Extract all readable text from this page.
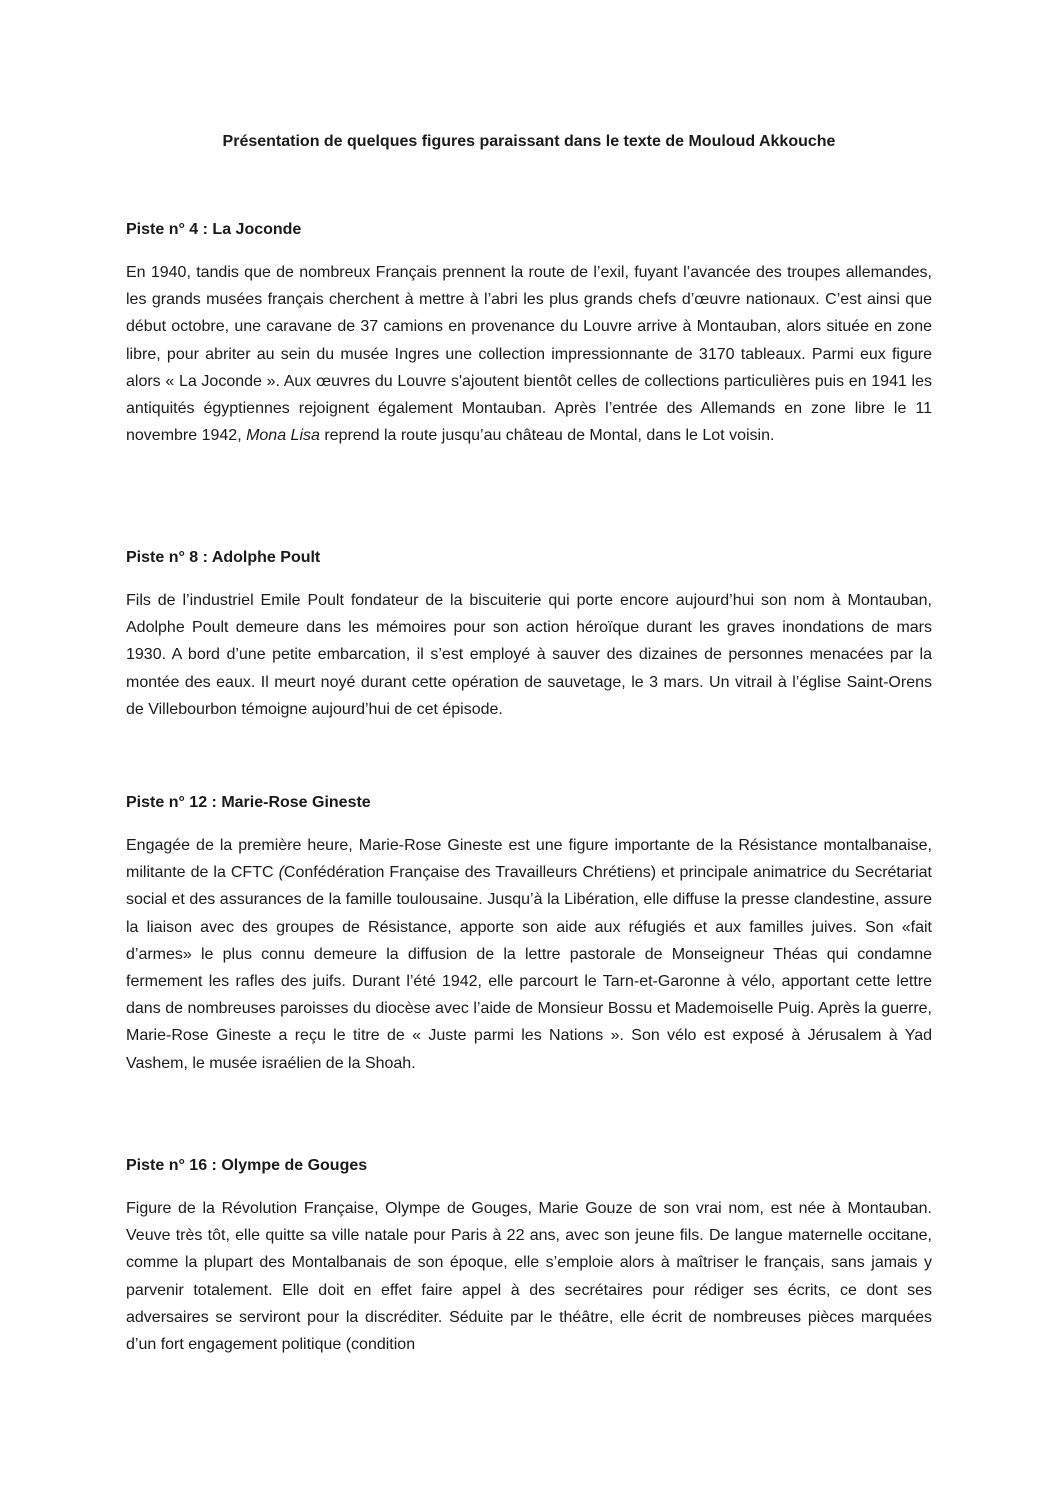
Présentation de quelques figures paraissant dans le texte de Mouloud Akkouche
Piste n° 4 : La Joconde

En 1940, tandis que de nombreux Français prennent la route de l’exil, fuyant l’avancée des troupes allemandes, les grands musées français cherchent à mettre à l’abri les plus grands chefs d’œuvre nationaux. C’est ainsi que début octobre, une caravane de 37 camions en provenance du Louvre arrive à Montauban, alors située en zone libre, pour abriter au sein du musée Ingres une collection impressionnante de 3170 tableaux. Parmi eux figure alors « La Joconde ». Aux œuvres du Louvre s'ajoutent bientôt celles de collections particulières puis en 1941 les antiquités égyptiennes rejoignent également Montauban. Après l’entrée des Allemands en zone libre le 11 novembre 1942, Mona Lisa reprend la route jusqu’au château de Montal, dans le Lot voisin.

Piste n° 8 : Adolphe Poult

Fils de l’industriel Emile Poult fondateur de la biscuiterie qui porte encore aujourd’hui son nom à Montauban, Adolphe Poult demeure dans les mémoires pour son action héroïque durant les graves inondations de mars 1930. A bord d’une petite embarcation, il s’est employé à sauver des dizaines de personnes menacées par la montée des eaux. Il meurt noyé durant cette opération de sauvetage, le 3 mars. Un vitrail à l’église Saint-Orens de Villebourbon témoigne aujourd’hui de cet épisode.

Piste n° 12 : Marie-Rose Gineste

Engagée de la première heure, Marie-Rose Gineste est une figure importante de la Résistance montalbanaise, militante de la CFTC (Confédération Française des Travailleurs Chrétiens) et principale animatrice du Secrétariat social et des assurances de la famille toulousaine. Jusqu’à la Libération, elle diffuse la presse clandestine, assure la liaison avec des groupes de Résistance, apporte son aide aux réfugiés et aux familles juives. Son «fait d’armes» le plus connu demeure la diffusion de la lettre pastorale de Monseigneur Théas qui condamne fermement les rafles des juifs. Durant l’été 1942, elle parcourt le Tarn-et-Garonne à vélo, apportant cette lettre dans de nombreuses paroisses du diocèse avec l’aide de Monsieur Bossu et Mademoiselle Puig. Après la guerre, Marie-Rose Gineste a reçu le titre de « Juste parmi les Nations ». Son vélo est exposé à Jérusalem à Yad Vashem, le musée israélien de la Shoah.

Piste n° 16 : Olympe de Gouges

Figure de la Révolution Française, Olympe de Gouges, Marie Gouze de son vrai nom, est née à Montauban. Veuve très tôt, elle quitte sa ville natale pour Paris à 22 ans, avec son jeune fils. De langue maternelle occitane, comme la plupart des Montalbanais de son époque, elle s’emploie alors à maîtriser le français, sans jamais y parvenir totalement. Elle doit en effet faire appel à des secrétaires pour rédiger ses écrits, ce dont ses adversaires se serviront pour la discréditer. Séduite par le théâtre, elle écrit de nombreuses pièces marquées d’un fort engagement politique (condition
